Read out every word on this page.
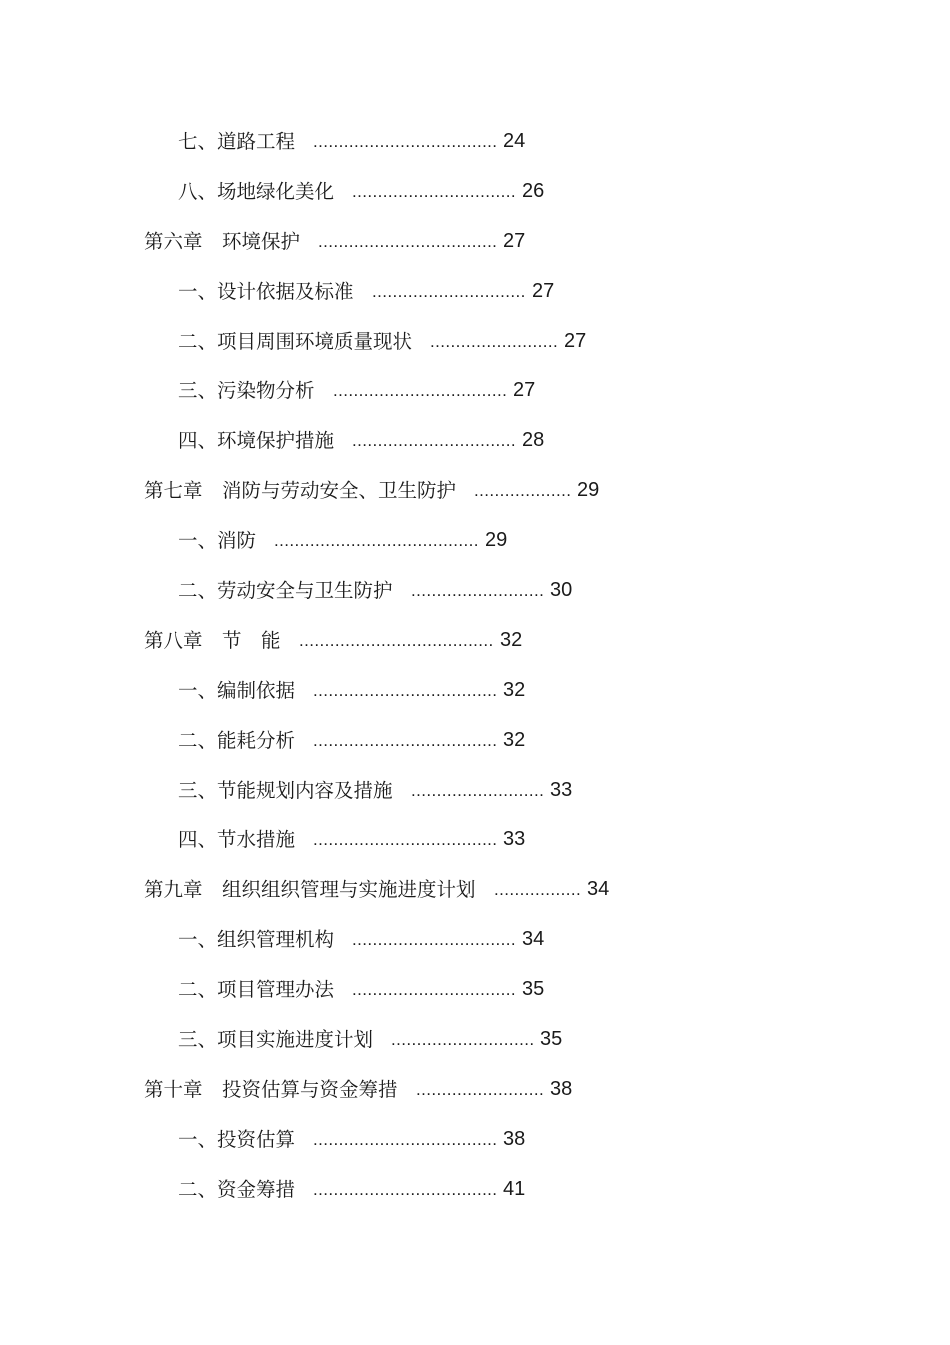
七、道路工程 .................................... 24
八、场地绿化美化 ................................ 26
第六章　环境保护 ................................... 27
一、设计依据及标准 .............................. 27
二、项目周围环境质量现状 ......................... 27
三、污染物分析 .................................. 27
四、环境保护措施 ................................ 28
第七章　消防与劳动安全、卫生防护 ................... 29
一、消防 ........................................ 29
二、劳动安全与卫生防护 .......................... 30
第八章　节　能 ...................................... 32
一、编制依据 .................................... 32
二、能耗分析 .................................... 32
三、节能规划内容及措施 .......................... 33
四、节水措施 .................................... 33
第九章　组织组织管理与实施进度计划 ................. 34
一、组织管理机构 ................................ 34
二、项目管理办法 ................................ 35
三、项目实施进度计划 ............................ 35
第十章　投资估算与资金筹措 ......................... 38
一、投资估算 .................................... 38
二、资金筹措 .................................... 41
